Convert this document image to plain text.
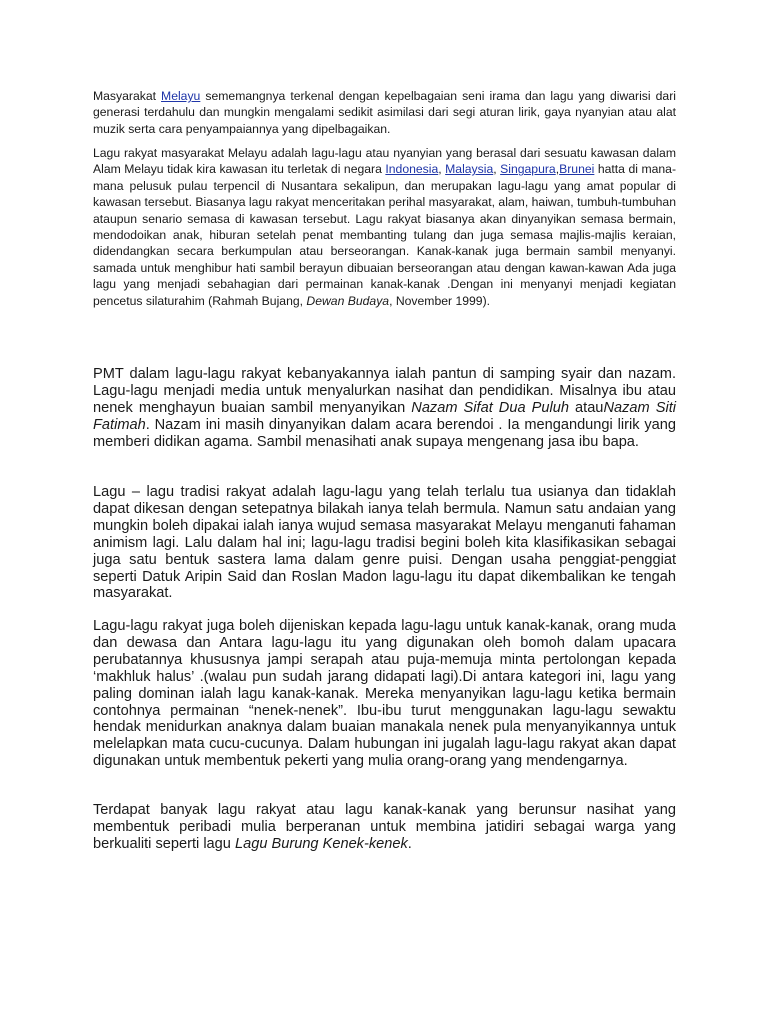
Masyarakat Melayu sememangnya terkenal dengan kepelbagaian seni irama dan lagu yang diwarisi dari generasi terdahulu dan mungkin mengalami sedikit asimilasi dari segi aturan lirik, gaya nyanyian atau alat muzik serta cara penyampaiannya yang dipelbagaikan.

Lagu rakyat masyarakat Melayu adalah lagu-lagu atau nyanyian yang berasal dari sesuatu kawasan dalam Alam Melayu tidak kira kawasan itu terletak di negara Indonesia, Malaysia, Singapura,Brunei hatta di mana-mana pelusuk pulau terpencil di Nusantara sekalipun, dan merupakan lagu-lagu yang amat popular di kawasan tersebut. Biasanya lagu rakyat menceritakan perihal masyarakat, alam, haiwan, tumbuh-tumbuhan ataupun senario semasa di kawasan tersebut. Lagu rakyat biasanya akan dinyanyikan semasa bermain, mendodoikan anak, hiburan setelah penat membanting tulang dan juga semasa majlis-majlis keraian, didendangkan secara berkumpulan atau berseorangan. Kanak-kanak juga bermain sambil menyanyi. samada untuk menghibur hati sambil berayun dibuaian berseorangan atau dengan kawan-kawan Ada juga lagu yang menjadi sebahagian dari permainan kanak-kanak .Dengan ini menyanyi menjadi kegiatan pencetus silaturahim (Rahmah Bujang, Dewan Budaya, November 1999).

PMT dalam lagu-lagu rakyat kebanyakannya ialah pantun di samping syair dan nazam. Lagu-lagu menjadi media untuk menyalurkan nasihat dan pendidikan. Misalnya ibu atau nenek menghayun buaian sambil menyanyikan Nazam Sifat Dua Puluh atauNazam Siti Fatimah. Nazam ini masih dinyanyikan dalam acara berendoi . Ia mengandungi lirik yang memberi didikan agama. Sambil menasihati anak supaya mengenang jasa ibu bapa.

Lagu – lagu tradisi rakyat adalah lagu-lagu yang telah terlalu tua usianya dan tidaklah dapat dikesan dengan setepatnya bilakah ianya telah bermula. Namun satu andaian yang mungkin boleh dipakai ialah ianya wujud semasa masyarakat Melayu menganuti fahaman animism lagi. Lalu dalam hal ini; lagu-lagu tradisi begini boleh kita klasifikasikan sebagai juga satu bentuk sastera lama dalam genre puisi. Dengan usaha penggiat-penggiat seperti Datuk Aripin Said dan Roslan Madon lagu-lagu itu dapat dikembalikan ke tengah masyarakat.

Lagu-lagu rakyat juga boleh dijeniskan kepada lagu-lagu untuk kanak-kanak, orang muda dan dewasa dan Antara lagu-lagu itu yang digunakan oleh bomoh dalam upacara perubatannya khususnya jampi serapah atau puja-memuja minta pertolongan kepada ‘makhluk halus’ .(walau pun sudah jarang didapati lagi).Di antara kategori ini, lagu yang paling dominan ialah lagu kanak-kanak. Mereka menyanyikan lagu-lagu ketika bermain contohnya permainan “nenek-nenek”. Ibu-ibu turut menggunakan lagu-lagu sewaktu hendak menidurkan anaknya dalam buaian manakala nenek pula menyanyikannya untuk melelapkan mata cucu-cucunya. Dalam hubungan ini jugalah lagu-lagu rakyat akan dapat digunakan untuk membentuk pekerti yang mulia orang-orang yang mendengarnya.

Terdapat banyak lagu rakyat atau lagu kanak-kanak yang berunsur nasihat yang membentuk peribadi mulia berperanan untuk membina jatidiri sebagai warga yang berkualiti seperti lagu Lagu Burung Kenek-kenek.
